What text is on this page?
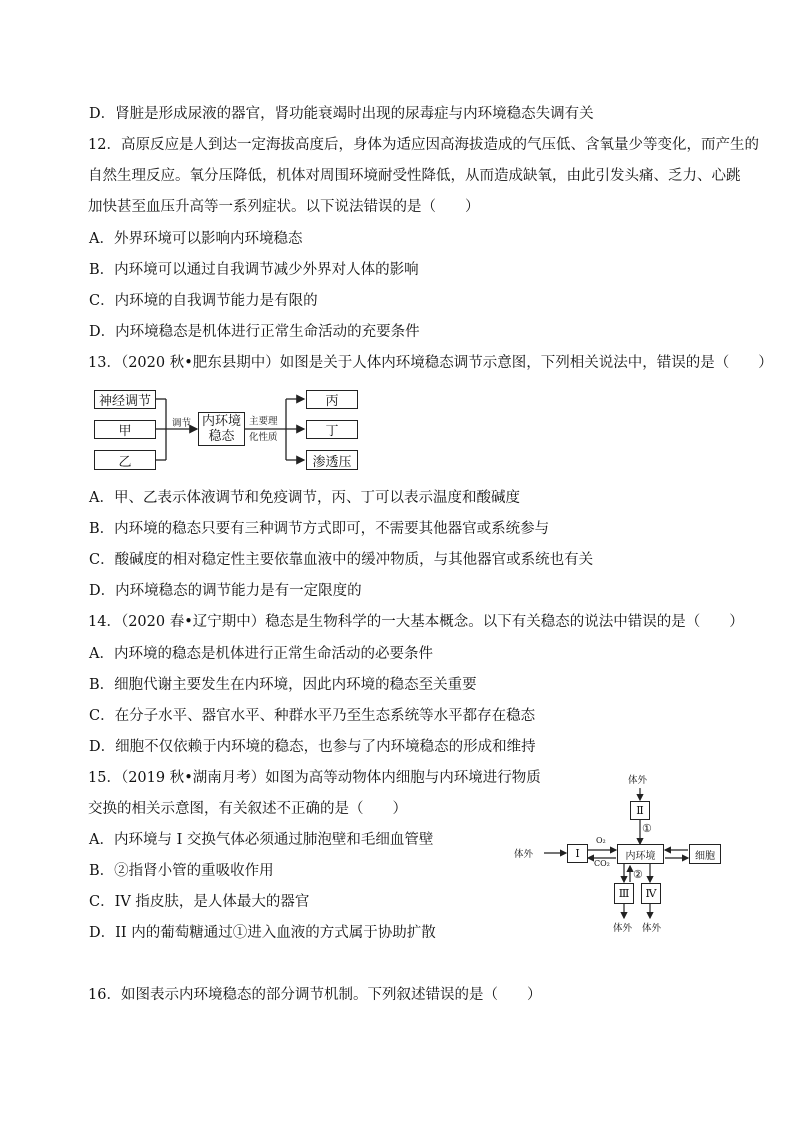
D．肾脏是形成尿液的器官，肾功能衰竭时出现的尿毒症与内环境稳态失调有关
12．高原反应是人到达一定海拔高度后，身体为适应因高海拔造成的气压低、含氧量少等变化，而产生的
自然生理反应。氧分压降低，机体对周围环境耐受性降低，从而造成缺氧，由此引发头痛、乏力、心跳
加快甚至血压升高等一系列症状。以下说法错误的是（　　）
A．外界环境可以影响内环境稳态
B．内环境可以通过自我调节减少外界对人体的影响
C．内环境的自我调节能力是有限的
D．内环境稳态是机体进行正常生命活动的充要条件
13．（2020 秋•肥东县期中）如图是关于人体内环境稳态调节示意图，下列相关说法中，错误的是（　　）
神经调节
甲
乙
调节 内环境
稳态
主要理
化性质
丙
丁
渗透压
A．甲、乙表示体液调节和免疫调节，丙、丁可以表示温度和酸碱度
B．内环境的稳态只要有三种调节方式即可，不需要其他器官或系统参与
C．酸碱度的相对稳定性主要依靠血液中的缓冲物质，与其他器官或系统也有关
D．内环境稳态的调节能力是有一定限度的
14．（2020 春•辽宁期中）稳态是生物科学的一大基本概念。以下有关稳态的说法中错误的是（　　）
A．内环境的稳态是机体进行正常生命活动的必要条件
B．细胞代谢主要发生在内环境，因此内环境的稳态至关重要
C．在分子水平、器官水平、种群水平乃至生态系统等水平都存在稳态
D．细胞不仅依赖于内环境的稳态，也参与了内环境稳态的形成和维持
15．（2019 秋•湖南月考）如图为高等动物体内细胞与内环境进行物质
交换的相关示意图，有关叙述不正确的是（　　）
A．内环境与 I 交换气体必须通过肺泡壁和毛细血管壁
B．②指肾小管的重吸收作用
C．IV 指皮肤，是人体最大的器官
D．II 内的葡萄糖通过①进入血液的方式属于协助扩散
体外
Ⅱ
①
体外	Ⅰ
O₂
CO₂
内环境	细胞
②
Ⅲ	Ⅳ
体外 体外
16．如图表示内环境稳态的部分调节机制。下列叙述错误的是（　　）
